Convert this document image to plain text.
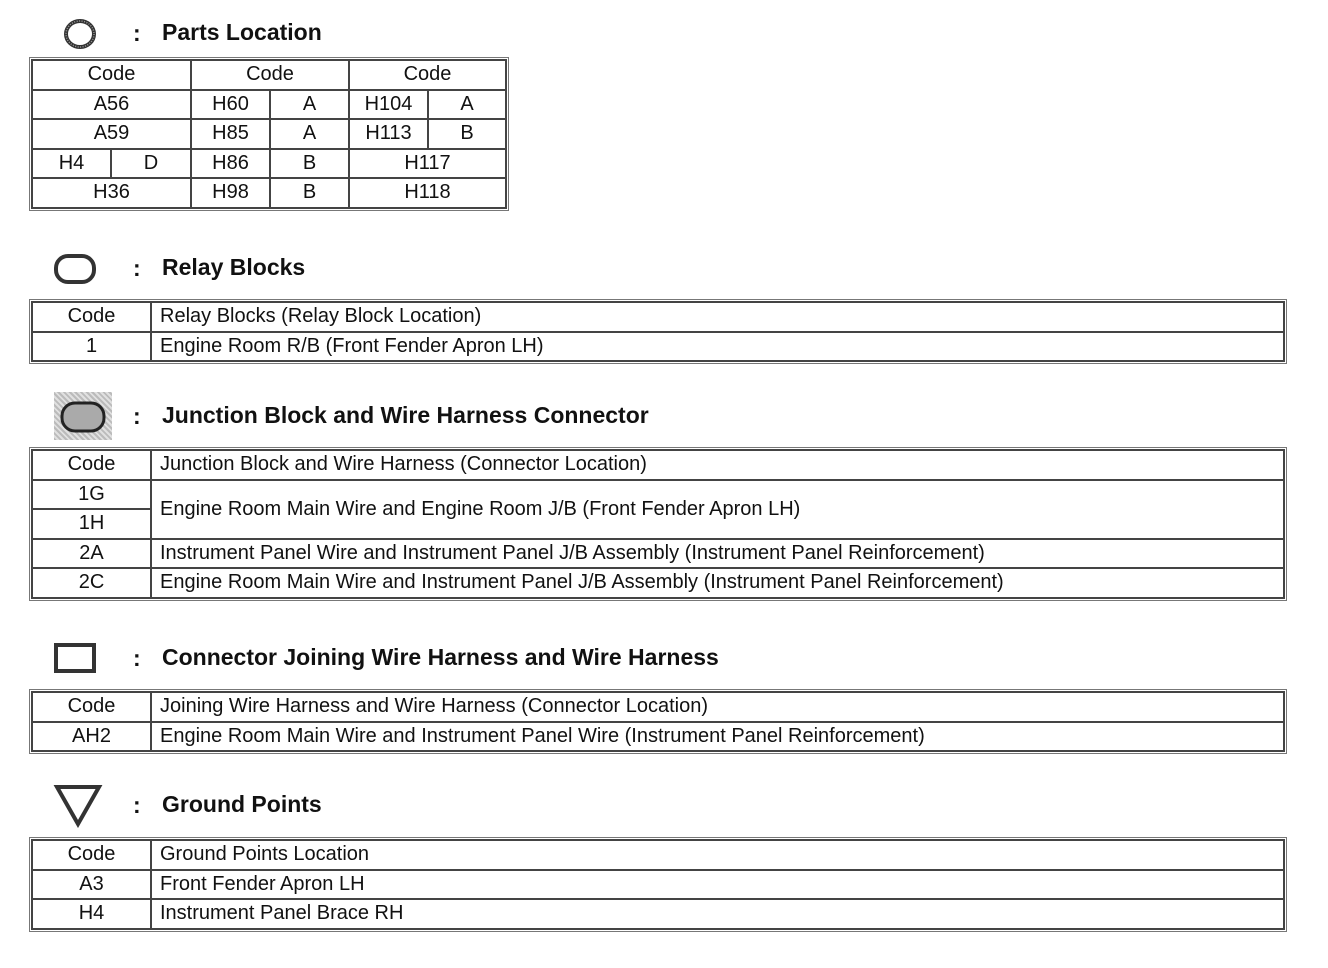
: Parts Location
Code		Code		Code	
A56		H60	A	H104	A
A59		H85	A	H113	B
H4	D	H86	B	H117	
H36		H98	B	H118	
: Relay Blocks
Code	Relay Blocks (Relay Block Location)
1	Engine Room R/B (Front Fender Apron LH)
: Junction Block and Wire Harness Connector
Code	Junction Block and Wire Harness (Connector Location)
1G	Engine Room Main Wire and Engine Room J/B (Front Fender Apron LH)
1H	
2A	Instrument Panel Wire and Instrument Panel J/B Assembly (Instrument Panel Reinforcement)
2C	Engine Room Main Wire and Instrument Panel J/B Assembly (Instrument Panel Reinforcement)
: Connector Joining Wire Harness and Wire Harness
Code	Joining Wire Harness and Wire Harness (Connector Location)
AH2	Engine Room Main Wire and Instrument Panel Wire (Instrument Panel Reinforcement)
: Ground Points
Code	Ground Points Location
A3	Front Fender Apron LH
H4	Instrument Panel Brace RH
